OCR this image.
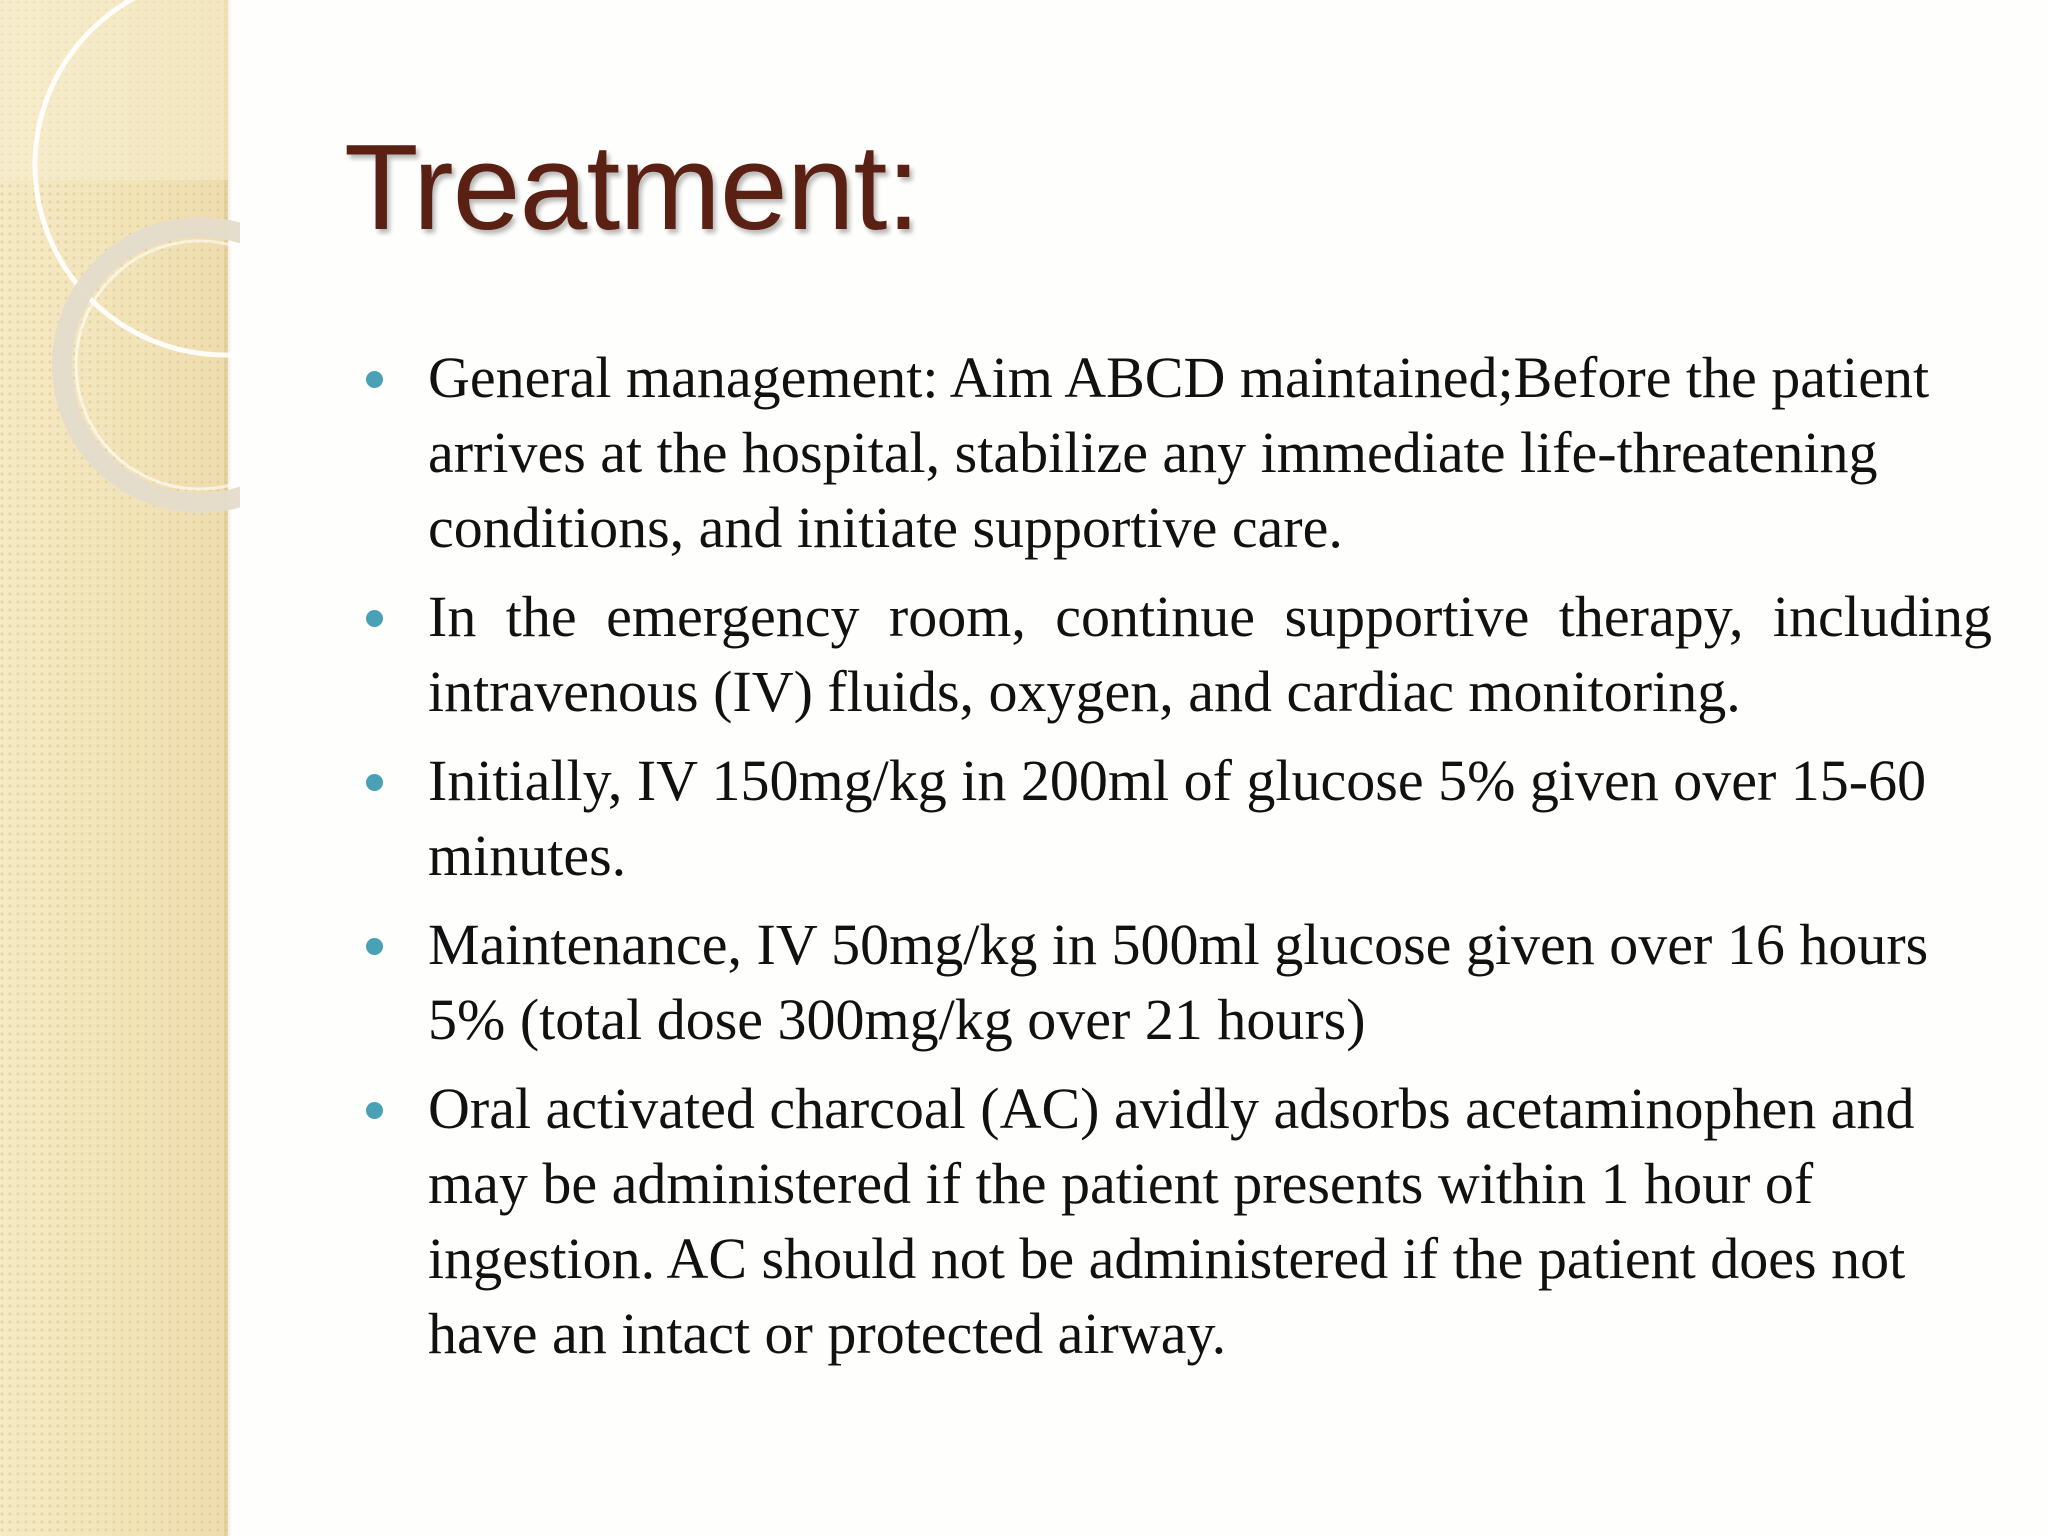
Treatment:
General management: Aim ABCD maintained;Before the patient arrives at the hospital, stabilize any immediate life-threatening conditions, and initiate supportive care.
In the emergency room, continue supportive therapy, including intravenous (IV) fluids, oxygen, and cardiac monitoring.
Initially, IV 150mg/kg in 200ml of glucose 5% given over 15-60 minutes.
Maintenance, IV 50mg/kg in 500ml glucose given over 16 hours 5% (total dose 300mg/kg over 21 hours)
Oral activated charcoal (AC) avidly adsorbs acetaminophen and may be administered if the patient presents within 1 hour of ingestion. AC should not be administered if the patient does not have an intact or protected airway.
